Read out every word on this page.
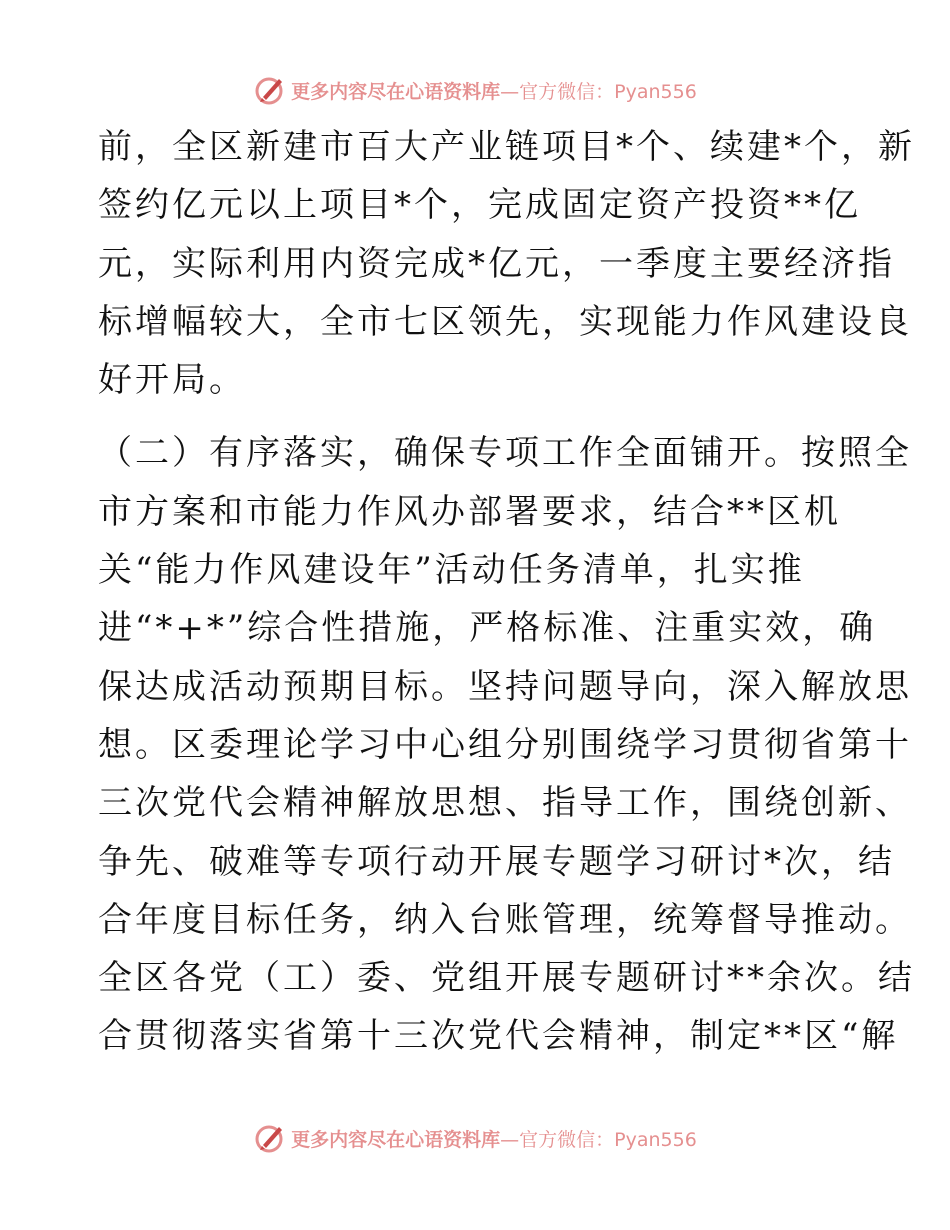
更多内容尽在心语资料库—官方微信：Pyan556
前，全区新建市百大产业链项目*个、续建*个，新
签约亿元以上项目*个，完成固定资产投资**亿
元，实际利用内资完成*亿元，一季度主要经济指
标增幅较大，全市七区领先，实现能力作风建设良
好开局。
（二）有序落实，确保专项工作全面铺开。按照全
市方案和市能力作风办部署要求，结合**区机
关“能力作风建设年”活动任务清单，扎实推
进“*+*”综合性措施，严格标准、注重实效，确
保达成活动预期目标。坚持问题导向，深入解放思
想。区委理论学习中心组分别围绕学习贯彻省第十
三次党代会精神解放思想、指导工作，围绕创新、
争先、破难等专项行动开展专题学习研讨*次，结
合年度目标任务，纳入台账管理，统筹督导推动。
全区各党（工）委、党组开展专题研讨**余次。结
合贯彻落实省第十三次党代会精神，制定**区“解
更多内容尽在心语资料库—官方微信：Pyan556
